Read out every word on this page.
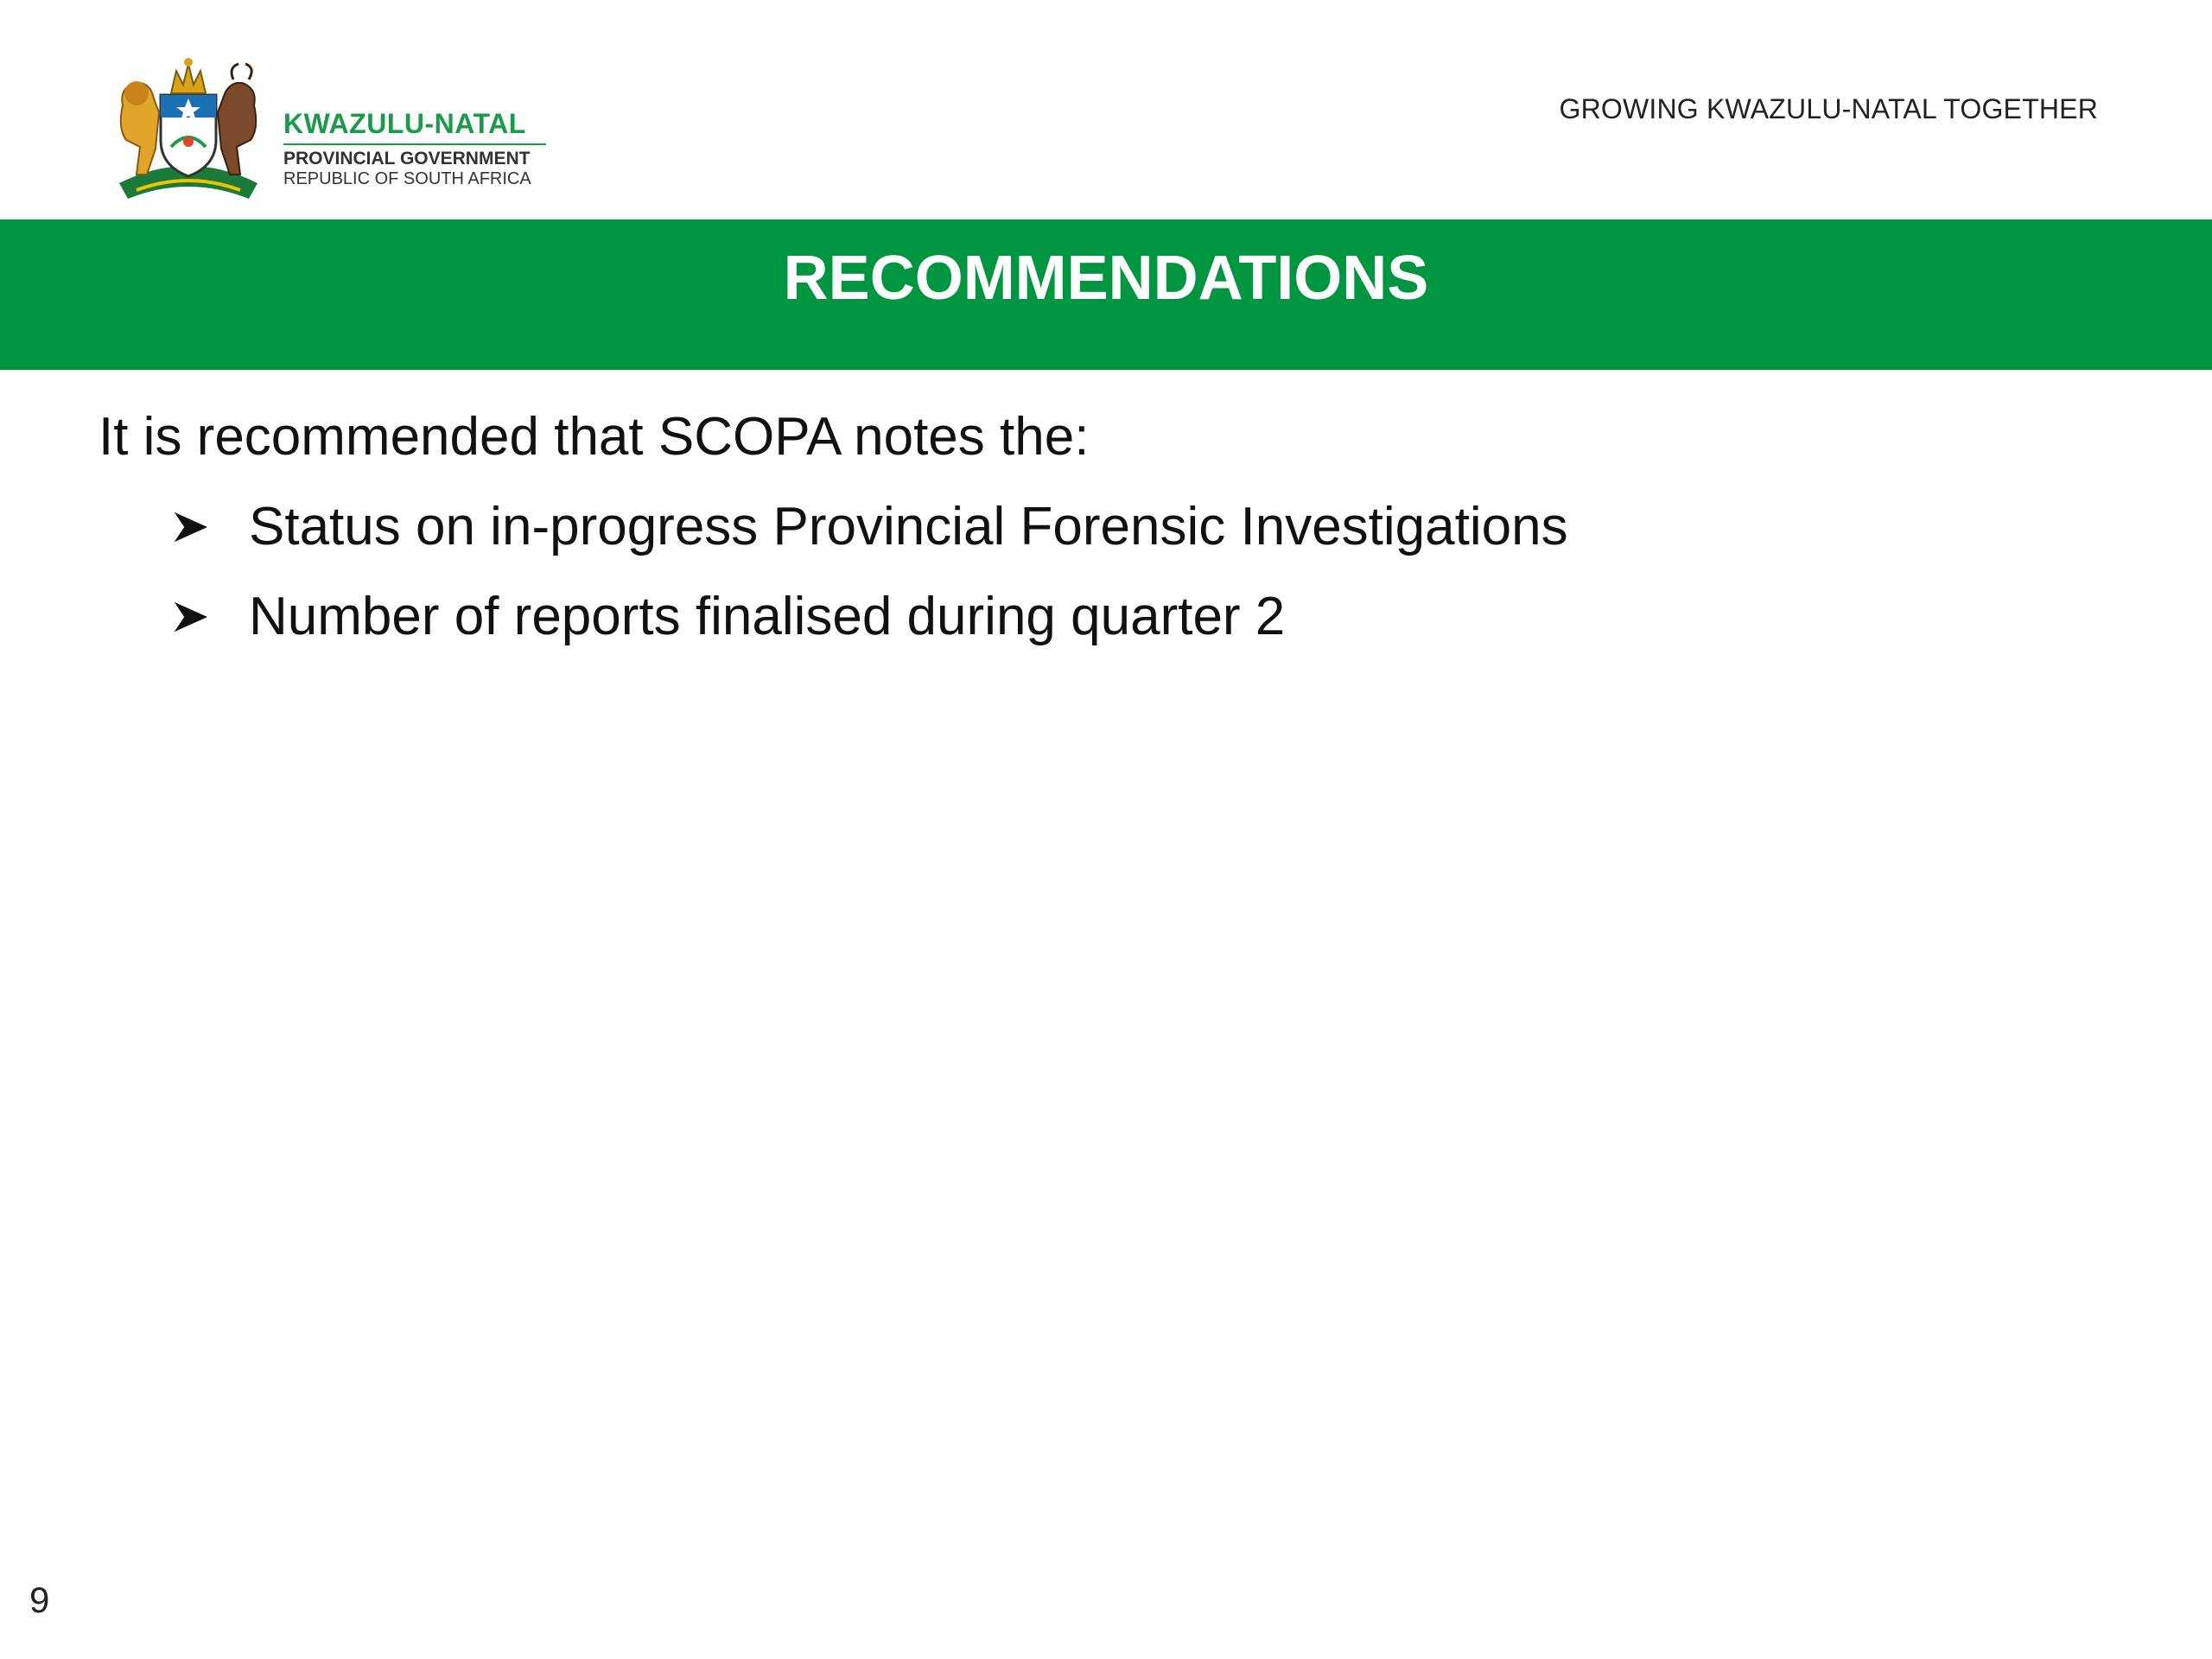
KWAZULU-NATAL
PROVINCIAL GOVERNMENT
REPUBLIC OF SOUTH AFRICA
GROWING KWAZULU-NATAL TOGETHER
RECOMMENDATIONS
It is recommended that SCOPA notes the:
Status on in-progress Provincial Forensic Investigations
Number of reports finalised during quarter 2
9
